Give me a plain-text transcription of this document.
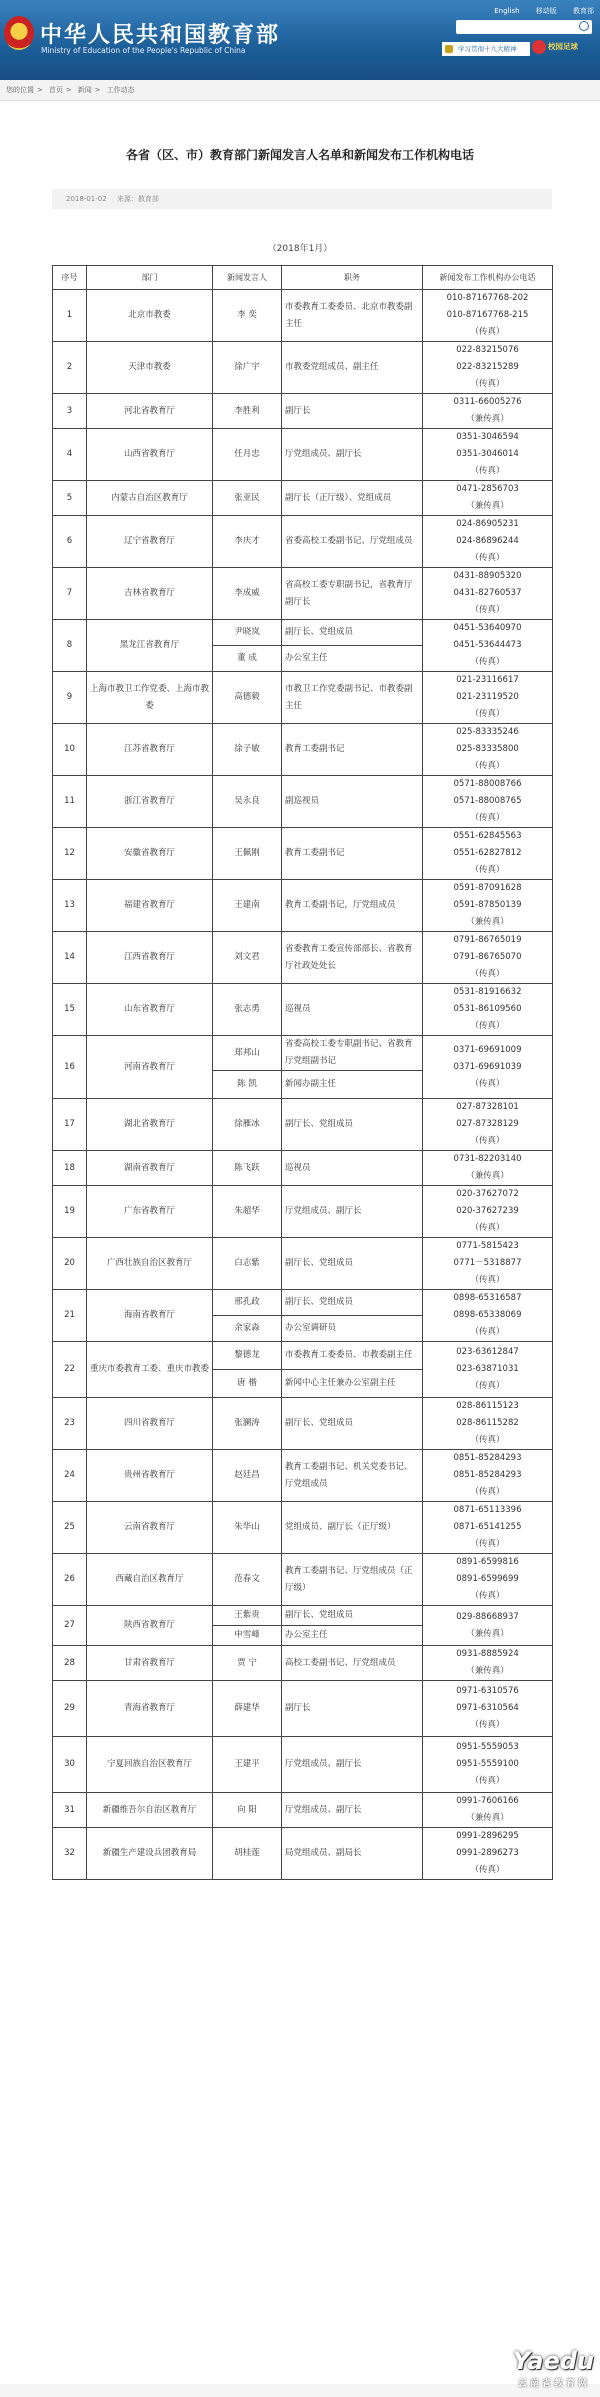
中华人民共和国教育部
Ministry of Education of the People's Republic of China
English 移动版 教育部
学习贯彻十九大精神	校园足球
您的位置 > 首页 > 新闻 > 工作动态
各省（区、市）教育部门新闻发言人名单和新闻发布工作机构电话
2018-01-02 来源：教育部
（2018年1月）
序号	部门	新闻发言人	职务	新闻发布工作机构办公电话
1	北京市教委	李 奕	市委教育工委委员、北京市教委副主任	010-87167768-202
010-87167768-215
（传真）

2	天津市教委	徐广宇	市教委党组成员、副主任	022-83215076
022-83215289
（传真）

3	河北省教育厅	李胜利	副厅长	0311-66005276
（兼传真）

4	山西省教育厅	任月忠	厅党组成员、副厅长	0351-3046594
0351-3046014
（传真）

5	内蒙古自治区教育厅	张亚民	副厅长（正厅级）、党组成员	0471-2856703
（兼传真）

6	辽宁省教育厅	李庆才	省委高校工委副书记、厅党组成员	024-86905231
024-86896244
（传真）

7	吉林省教育厅	李成威	省高校工委专职副书记，省教育厅副厅长	0431-88905320
0431-82760537
（传真）

8	黑龙江省教育厅	尹晓岚	副厅长、党组成员	0451-53640970
0451-53644473
（传真）

		董 成	办公室主任	
9	上海市教卫工作党委、上海市教委	高德毅	市教卫工作党委副书记、市教委副主任	021-23116617
021-23119520
（传真）

10	江苏省教育厅	徐子敏	教育工委副书记	025-83335246
025-83335800
（传真）

11	浙江省教育厅	吴永良	副巡视员	0571-88008766
0571-88008765
（传真）

12	安徽省教育厅	王佩刚	教育工委副书记	0551-62845563
0551-62827812
（传真）

13	福建省教育厅	王建南	教育工委副书记，厅党组成员	0591-87091628
0591-87850139
（兼传真）

14	江西省教育厅	刘文君	省委教育工委宣传部部长、省教育厅社政处处长	0791-86765019
0791-86765070
（传真）

15	山东省教育厅	张志勇	巡视员	0531-81916632
0531-86109560
（传真）

16	河南省教育厅	郑邦山	省委高校工委专职副书记、省教育厅党组副书记	0371-69691009
0371-69691039
（传真）

		陈 凯	新闻办副主任	
17	湖北省教育厅	徐雁冰	副厅长、党组成员	027-87328101
027-87328129
（传真）

18	湖南省教育厅	陈飞跃	巡视员	0731-82203140
（兼传真）

19	广东省教育厅	朱超华	厅党组成员、副厅长	020-37627072
020-37627239
（传真）

20	广西壮族自治区教育厅	白志紫	副厅长、党组成员	0771-5815423
0771－5318877
（传真）

21	海南省教育厅	邢孔政	副厅长、党组成员	0898-65316587
0898-65338069
（传真）

		余家淼	办公室调研员	
22	重庆市委教育工委、重庆市教委	黎德龙	市委教育工委委员、市教委副主任	023-63612847
023-63871031
（传真）

		唐 楷	新闻中心主任兼办公室副主任	
23	四川省教育厅	张澜涛	副厅长、党组成员	028-86115123
028-86115282
（传真）

24	贵州省教育厅	赵廷昌	教育工委副书记、机关党委书记、厅党组成员	0851-85284293
0851-85284293
（传真）

25	云南省教育厅	朱华山	党组成员、副厅长（正厅级）	0871-65113396
0871-65141255
（传真）

26	西藏自治区教育厅	范春文	教育工委副书记、厅党组成员（正厅级）	0891-6599816
0891-6599699
（传真）

27	陕西省教育厅	王紫贵	副厅长、党组成员	029-88668937
（兼传真）

		申雪峰	办公室主任	
28	甘肃省教育厅	贾 宁	高校工委副书记、厅党组成员	0931-8885924
（兼传真）

29	青海省教育厅	薛建华	副厅长	0971-6310576
0971-6310564
（传真）

30	宁夏回族自治区教育厅	王建平	厅党组成员、副厅长	0951-5559053
0951-5559100
（传真）

31	新疆维吾尔自治区教育厅	向 阳	厅党组成员、副厅长	0991-7606166
（兼传真）

32	新疆生产建设兵团教育局	胡桂莲	局党组成员、副局长	0991-2896295
0991-2896273
（传真）
Yaedu
云南省教育网
